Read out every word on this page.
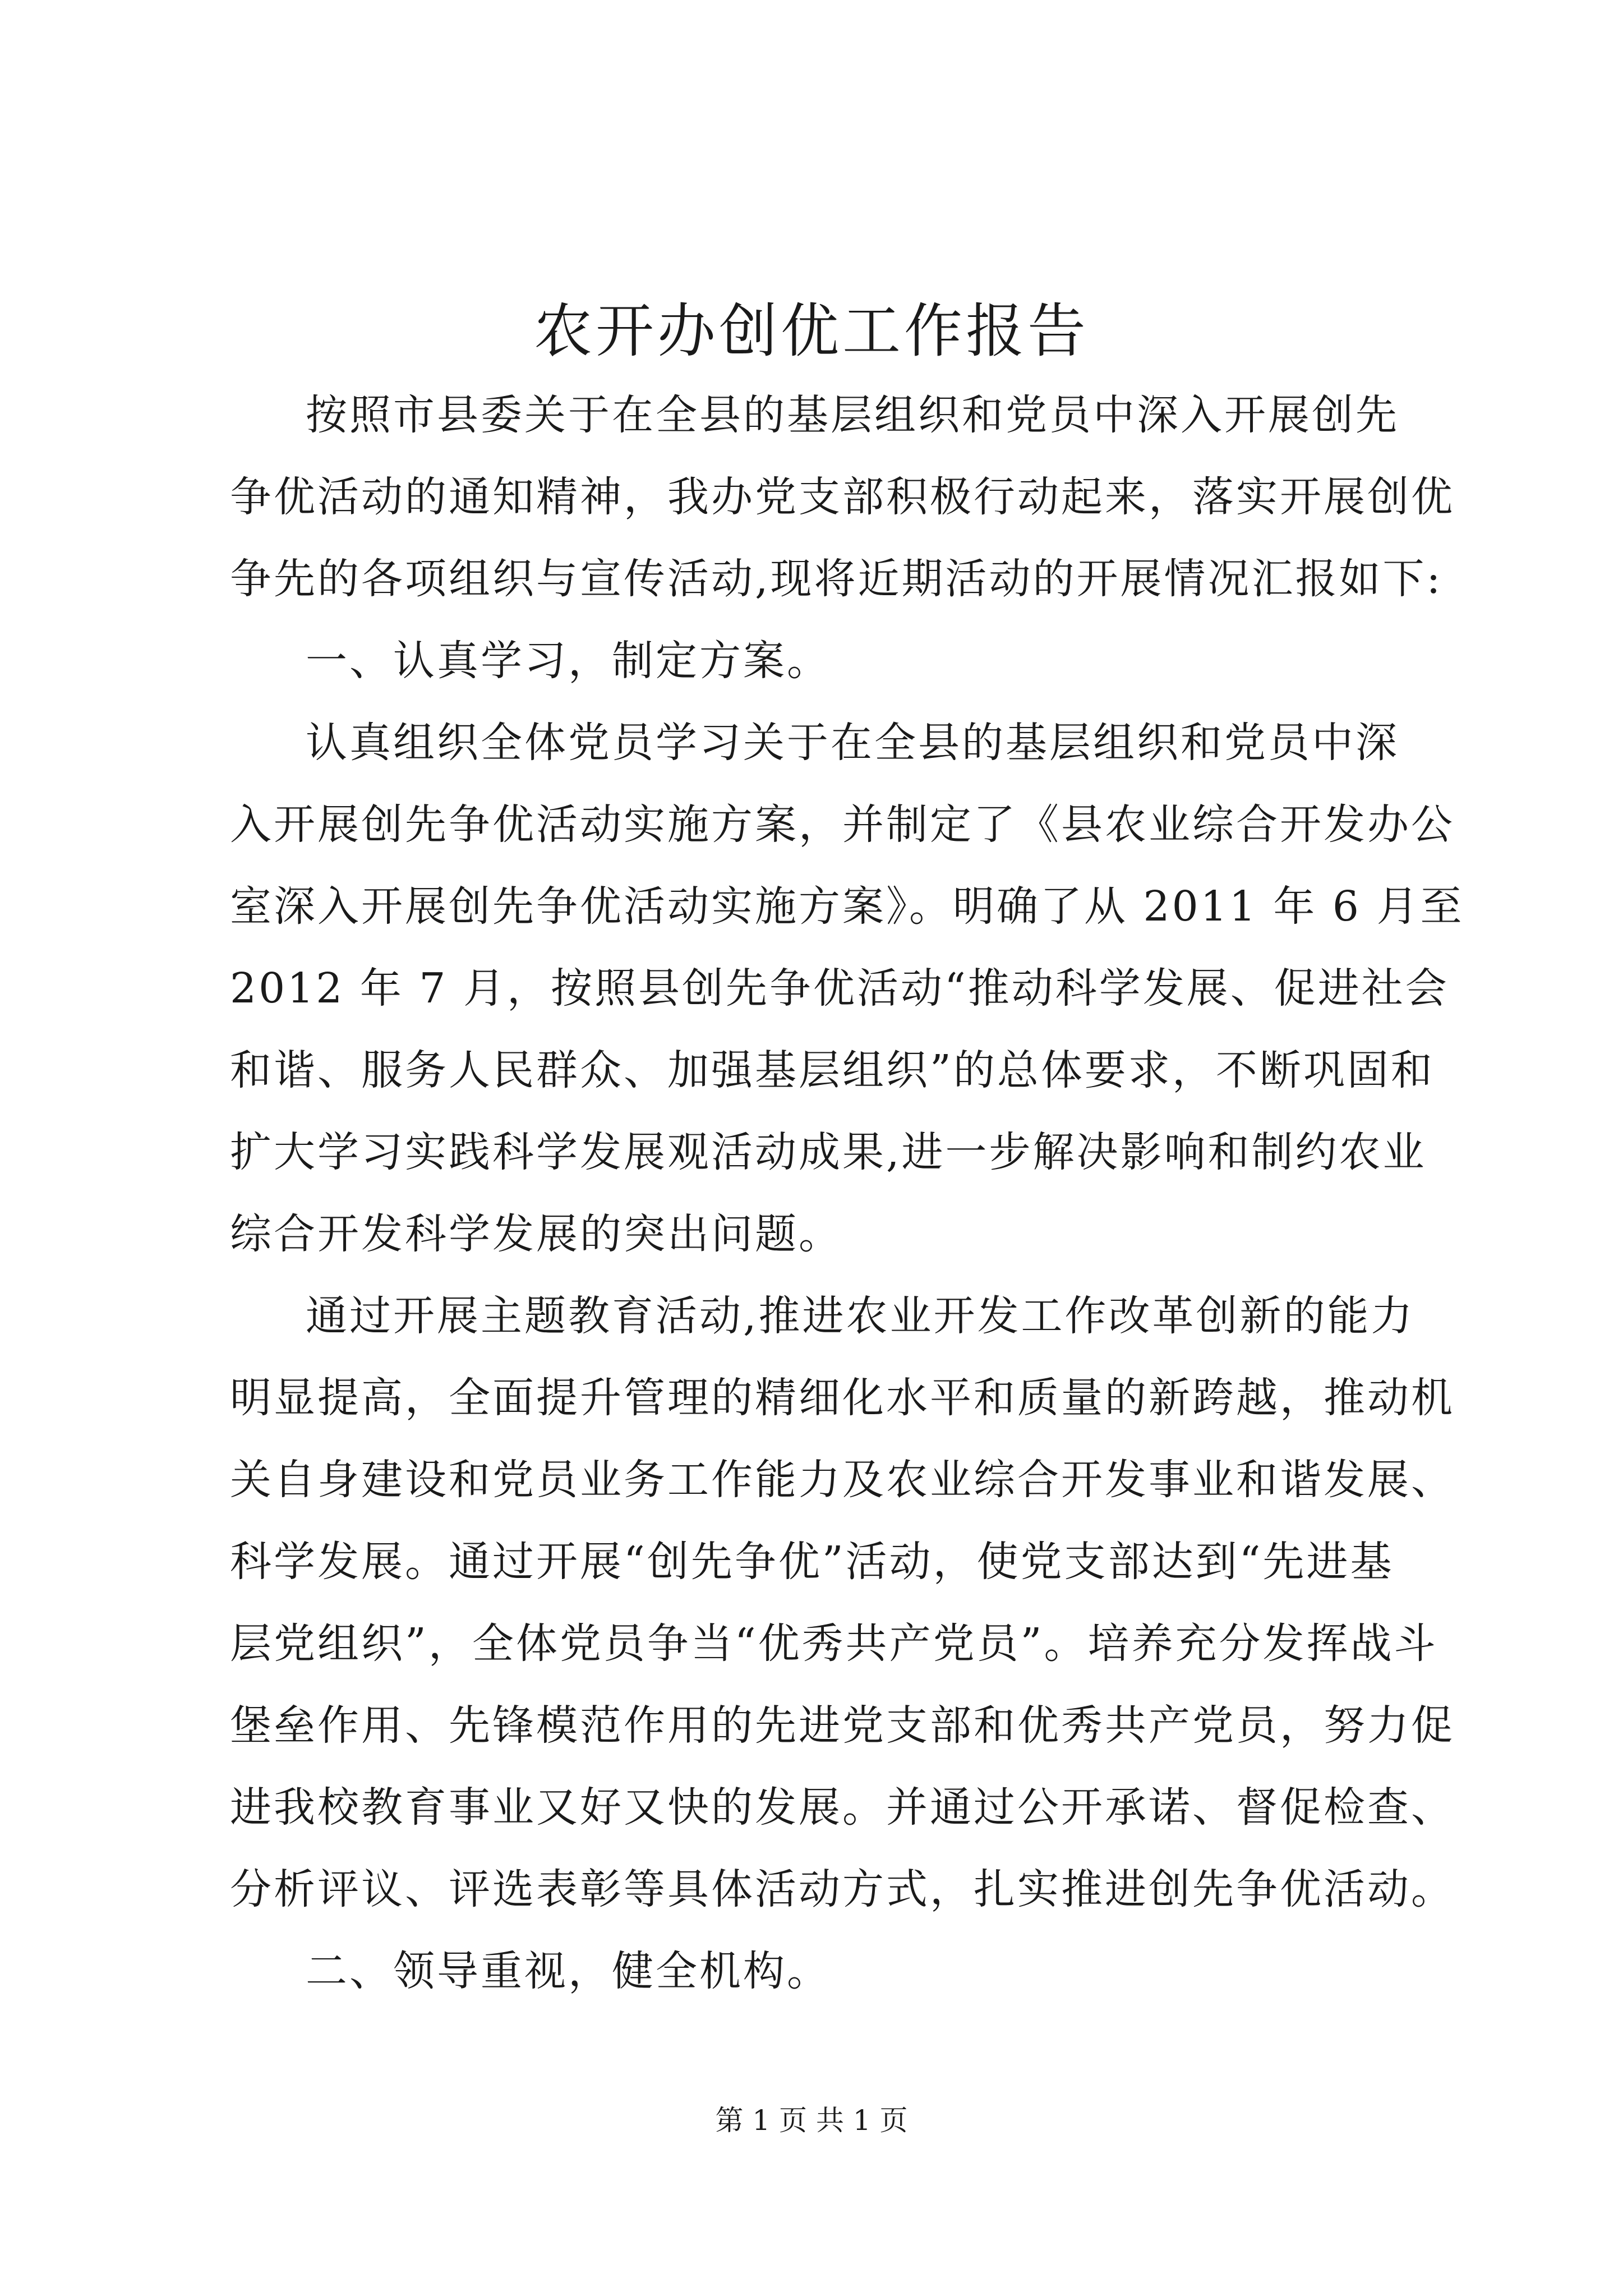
农开办创优工作报告
按照市县委关于在全县的基层组织和党员中深入开展创先
争优活动的通知精神，我办党支部积极行动起来，落实开展创优
争先的各项组织与宣传活动,现将近期活动的开展情况汇报如下:
一、认真学习，制定方案。
认真组织全体党员学习关于在全县的基层组织和党员中深
入开展创先争优活动实施方案，并制定了《县农业综合开发办公
室深入开展创先争优活动实施方案》。明确了从 2011 年 6 月至
2012 年 7 月，按照县创先争优活动“推动科学发展、促进社会
和谐、服务人民群众、加强基层组织”的总体要求，不断巩固和
扩大学习实践科学发展观活动成果,进一步解决影响和制约农业
综合开发科学发展的突出问题。
通过开展主题教育活动,推进农业开发工作改革创新的能力
明显提高，全面提升管理的精细化水平和质量的新跨越，推动机
关自身建设和党员业务工作能力及农业综合开发事业和谐发展、
科学发展。通过开展“创先争优”活动，使党支部达到“先进基
层党组织”，全体党员争当“优秀共产党员”。培养充分发挥战斗
堡垒作用、先锋模范作用的先进党支部和优秀共产党员，努力促
进我校教育事业又好又快的发展。并通过公开承诺、督促检查、
分析评议、评选表彰等具体活动方式，扎实推进创先争优活动。
二、领导重视，健全机构。
第 1 页 共 1 页
